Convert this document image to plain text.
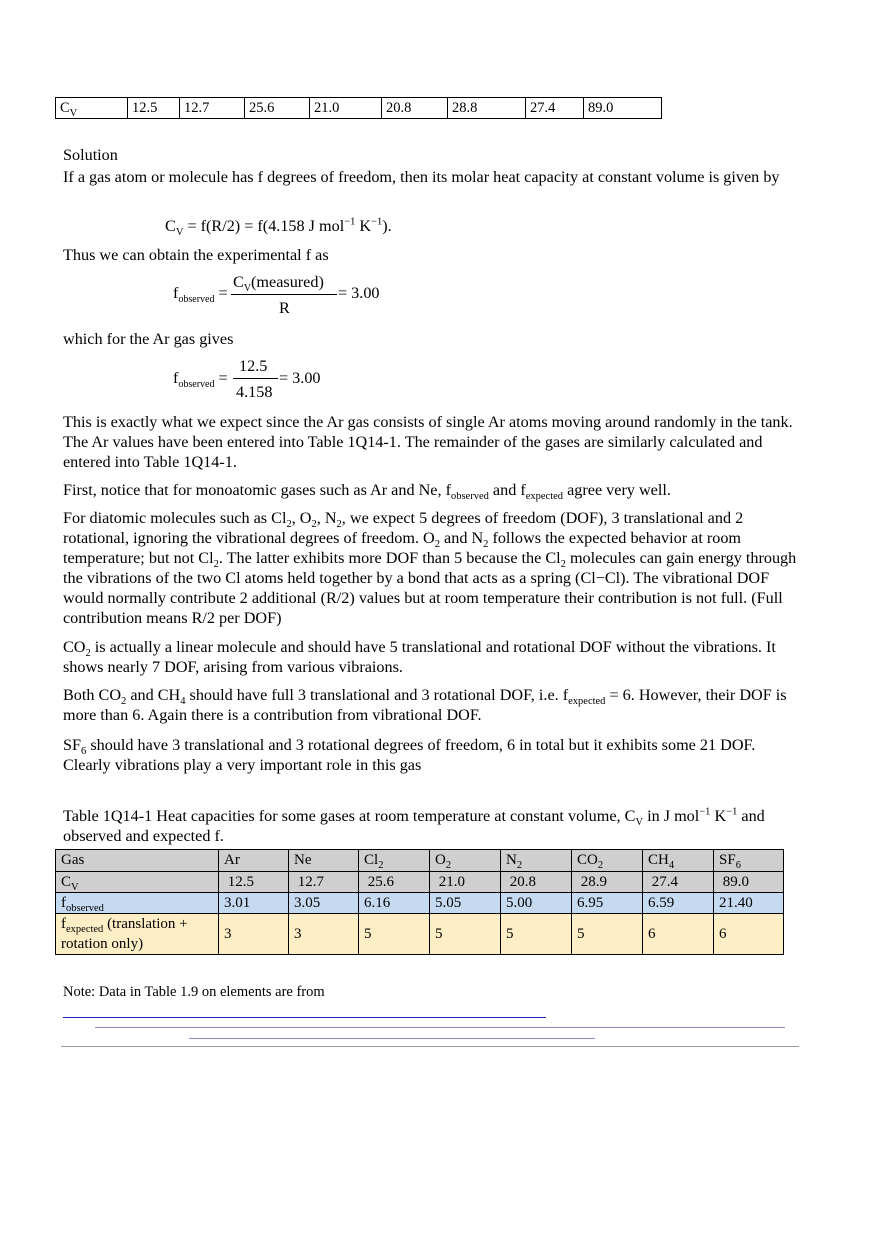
$C_V$	12.5	12.7	25.6	21.0	20.8	28.8	27.4	89.0

Solution

If a gas atom or molecule has f degrees of freedom, then its molar heat capacity at constant volume is given by

$C_V = f(R/2) = f(4.158$ J mol$^{-1}$ $K^{-1}$).

Thus we can obtain the experimental f as

$f_{observed}$ =
$C_V(measured)$
R
= 3.00

which for the Ar gas gives

$f_{observed}$ =
12.5
4.158
= 3.00

This is exactly what we expect since the Ar gas consists of single Ar atoms moving around randomly in the tank. The Ar values have been entered into Table 1Q14-1. The remainder of the gases are similarly calculated and entered into Table 1Q14-1.

First, notice that for monoatomic gases such as Ar and Ne, $f_{observed}$ and $f_{expected}$ agree very well.

For diatomic molecules such as $Cl_2$, $O_2$, $N_2$, we expect 5 degrees of freedom (DOF), 3 translational and 2 rotational, ignoring the vibrational degrees of freedom. $O_2$ and $N_2$ follows the expected behavior at room temperature; but not $Cl_2$. The latter exhibits more DOF than 5 because the $Cl_2$ molecules can gain energy through the vibrations of the two Cl atoms held together by a bond that acts as a spring (Cl−Cl). The vibrational DOF would normally contribute 2 additional (R/2) values but at room temperature their contribution is not full. (Full contribution means R/2 per DOF)

$CO_2$ is actually a linear molecule and should have 5 translational and rotational DOF without the vibrations. It shows nearly 7 DOF, arising from various vibraions.

Both $CO_2$ and $CH_4$ should have full 3 translational and 3 rotational DOF, i.e. $f_{expected} = 6$. However, their DOF is more than 6. Again there is a contribution from vibrational DOF.

$SF_6$ should have 3 translational and 3 rotational degrees of freedom, 6 in total but it exhibits some 21 DOF. Clearly vibrations play a very important role in this gas

Table 1Q14-1 Heat capacities for some gases at room temperature at constant volume, $C_V$ in J mol$^{-1}$ $K^{-1}$ and observed and expected f.

Gas	Ar	Ne	$Cl_2$	$O_2$	$N_2$	$CO_2$	$CH_4$	$SF_6$
$C_V$	12.5	12.7	25.6	21.0	20.8	28.9	27.4	89.0
$f_{observed}$	3.01	3.05	6.16	5.05	5.00	6.95	6.59	21.40
$f_{expected}$ (translation + rotation only)	3	3	5	5	5	5	6	6

Note: Data in Table 1.9 on elements are from
